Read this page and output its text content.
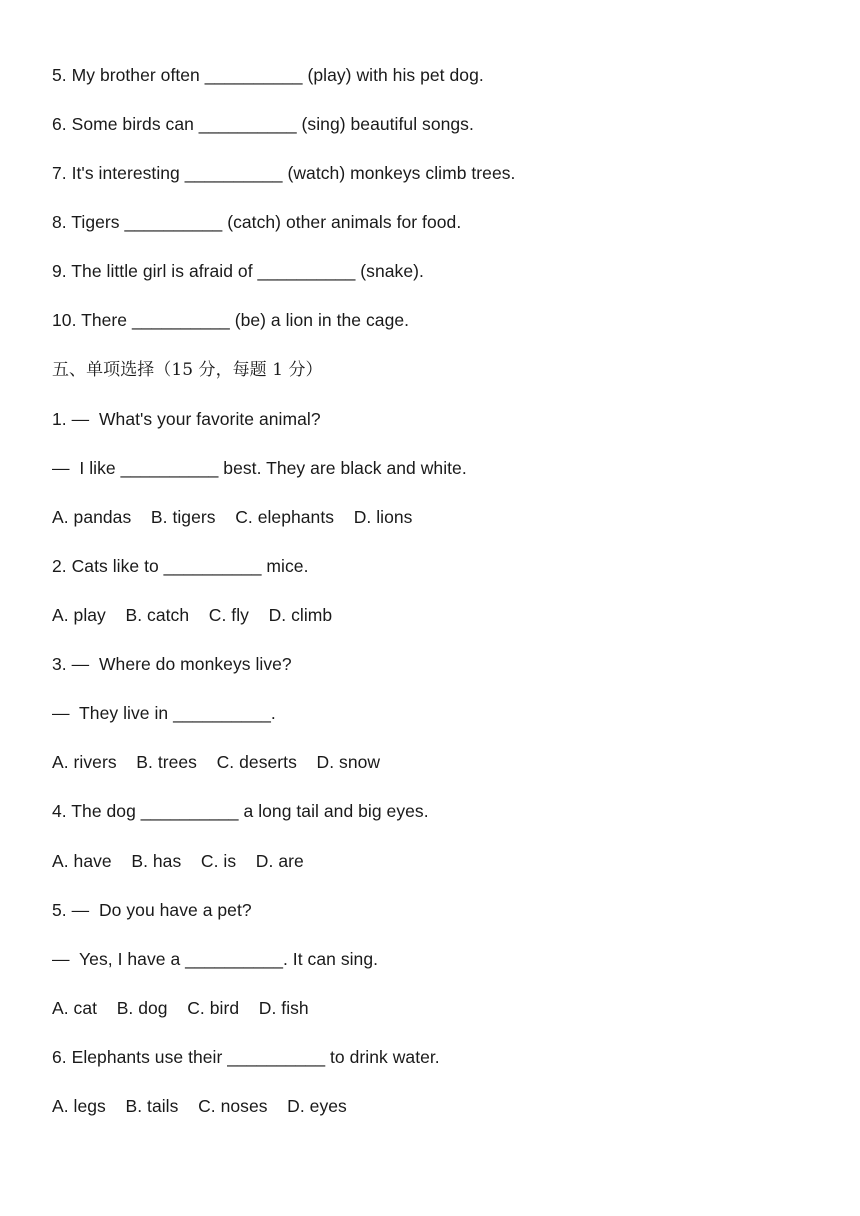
5. My brother often __________ (play) with his pet dog.
6. Some birds can __________ (sing) beautiful songs.
7. It's interesting __________ (watch) monkeys climb trees.
8. Tigers __________ (catch) other animals for food.
9. The little girl is afraid of __________ (snake).
10. There __________ (be) a lion in the cage.
五、单项选择（15 分，每题 1 分）
1. —  What's your favorite animal?
—  I like __________ best. They are black and white.
A. pandas    B. tigers    C. elephants    D. lions
2. Cats like to __________ mice.
A. play    B. catch    C. fly    D. climb
3. —  Where do monkeys live?
—  They live in __________.
A. rivers    B. trees    C. deserts    D. snow
4. The dog __________ a long tail and big eyes.
A. have    B. has    C. is    D. are
5. —  Do you have a pet?
—  Yes, I have a __________. It can sing.
A. cat    B. dog    C. bird    D. fish
6. Elephants use their __________ to drink water.
A. legs    B. tails    C. noses    D. eyes
